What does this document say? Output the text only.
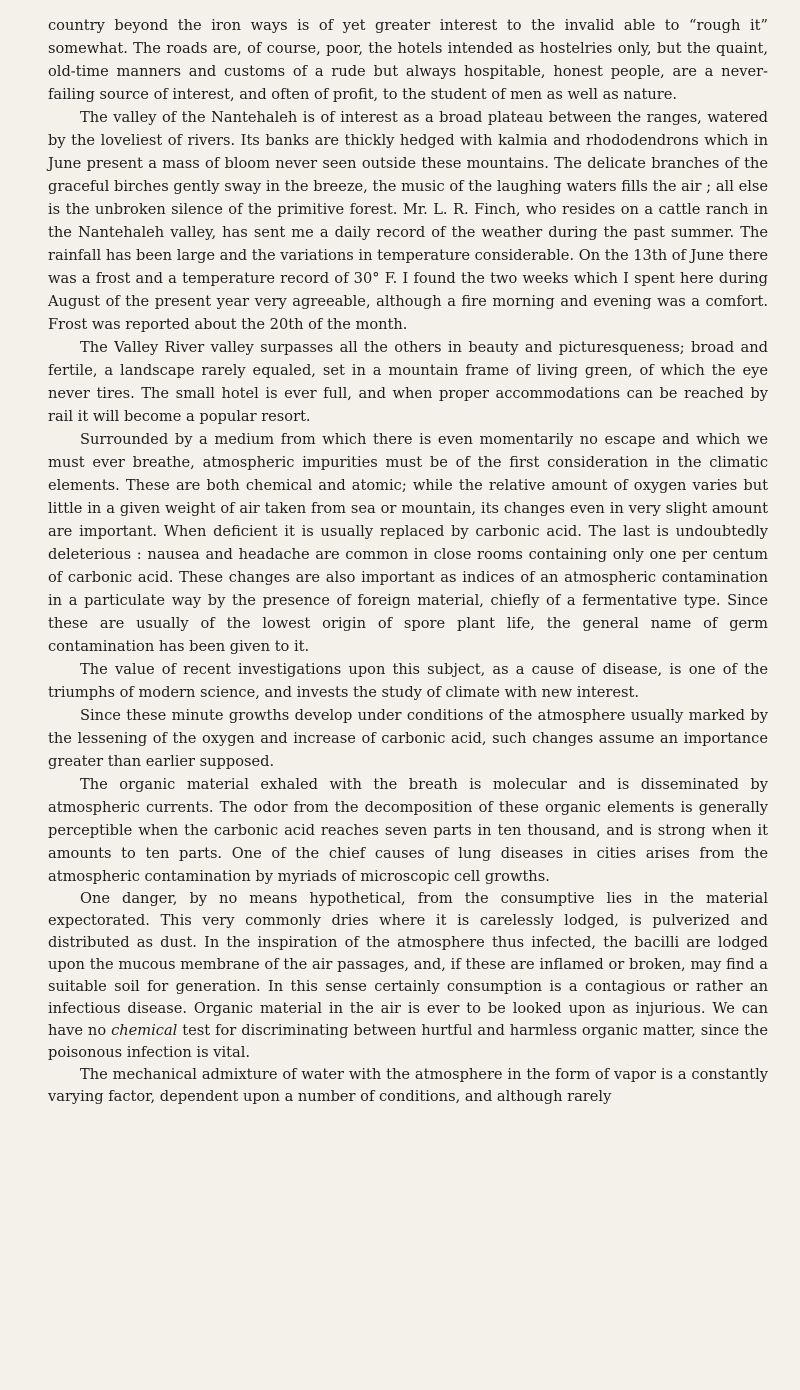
country beyond the iron ways is of yet greater interest to the invalid able to “rough it” somewhat. The roads are, of course, poor, the hotels intended as hostelries only, but the quaint, old-time manners and customs of a rude but always hospitable, honest people, are a never-failing source of interest, and often of profit, to the student of men as well as nature.

The valley of the Nantehaleh is of interest as a broad plateau between the ranges, watered by the loveliest of rivers. Its banks are thickly hedged with kalmia and rhododendrons which in June present a mass of bloom never seen outside these mountains. The delicate branches of the graceful birches gently sway in the breeze, the music of the laughing waters fills the air ; all else is the unbroken silence of the primitive forest. Mr. L. R. Finch, who resides on a cattle ranch in the Nantehaleh valley, has sent me a daily record of the weather during the past summer. The rainfall has been large and the variations in temperature considerable. On the 13th of June there was a frost and a temperature record of 30° F. I found the two weeks which I spent here during August of the present year very agreeable, although a fire morning and evening was a comfort. Frost was reported about the 20th of the month.

The Valley River valley surpasses all the others in beauty and picturesqueness; broad and fertile, a landscape rarely equaled, set in a mountain frame of living green, of which the eye never tires. The small hotel is ever full, and when proper accommodations can be reached by rail it will become a popular resort.

Surrounded by a medium from which there is even momentarily no escape and which we must ever breathe, atmospheric impurities must be of the first consideration in the climatic elements. These are both chemical and atomic; while the relative amount of oxygen varies but little in a given weight of air taken from sea or mountain, its changes even in very slight amount are important. When deficient it is usually replaced by carbonic acid. The last is undoubtedly deleterious : nausea and headache are common in close rooms containing only one per centum of carbonic acid. These changes are also important as indices of an atmospheric contamination in a particulate way by the presence of foreign material, chiefly of a fermentative type. Since these are usually of the lowest origin of spore plant life, the general name of germ contamination has been given to it.

The value of recent investigations upon this subject, as a cause of disease, is one of the triumphs of modern science, and invests the study of climate with new interest.

Since these minute growths develop under conditions of the atmosphere usually marked by the lessening of the oxygen and increase of carbonic acid, such changes assume an importance greater than earlier supposed.

The organic material exhaled with the breath is molecular and is disseminated by atmospheric currents. The odor from the decomposition of these organic elements is generally perceptible when the carbonic acid reaches seven parts in ten thousand, and is strong when it amounts to ten parts. One of the chief causes of lung diseases in cities arises from the atmospheric contamination by myriads of microscopic cell growths.

One danger, by no means hypothetical, from the consumptive lies in the material expectorated. This very commonly dries where it is carelessly lodged, is pulverized and distributed as dust. In the inspiration of the atmosphere thus infected, the bacilli are lodged upon the mucous membrane of the air passages, and, if these are inflamed or broken, may find a suitable soil for generation. In this sense certainly consumption is a contagious or rather an infectious disease. Organic material in the air is ever to be looked upon as injurious. We can have no chemical test for discriminating between hurtful and harmless organic matter, since the poisonous infection is vital.

The mechanical admixture of water with the atmosphere in the form of vapor is a constantly varying factor, dependent upon a number of conditions, and although rarely
